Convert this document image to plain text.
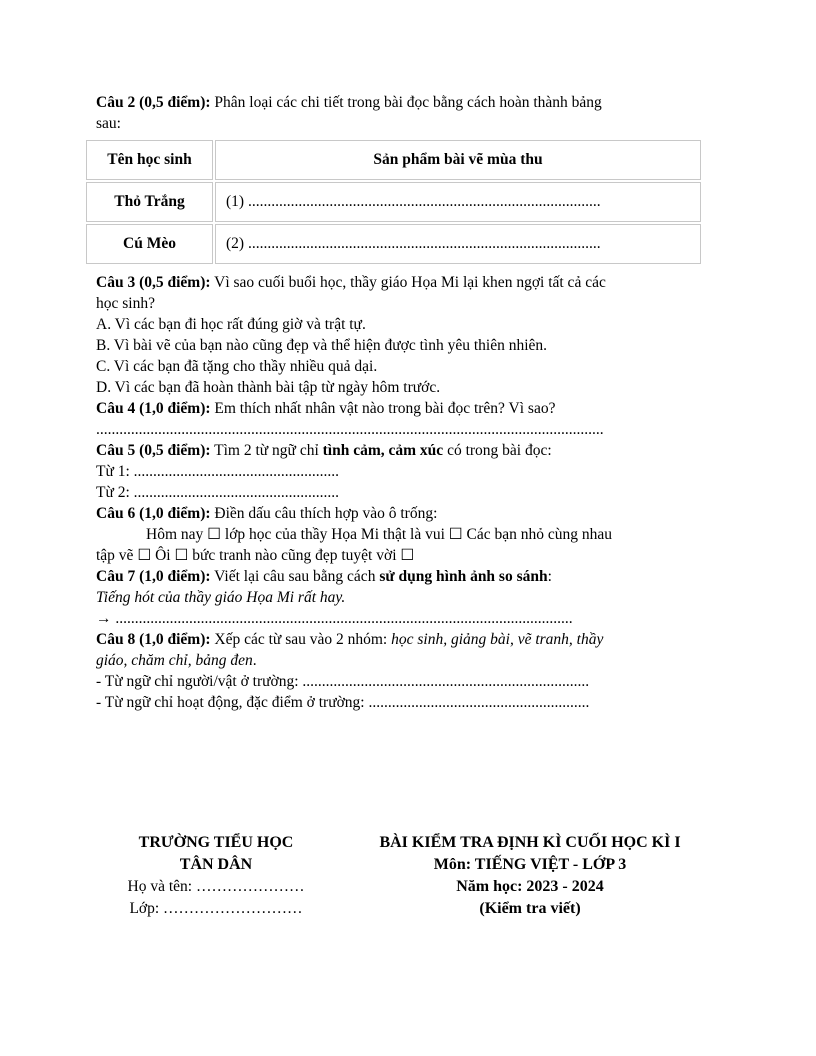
Câu 2 (0,5 điểm): Phân loại các chi tiết trong bài đọc bằng cách hoàn thành bảng
sau:
Tên học sinh	Sản phẩm bài vẽ mùa thu
Thỏ Trắng	(1) ...........................................................................................
Cú Mèo	(2) ...........................................................................................
Câu 3 (0,5 điểm): Vì sao cuối buổi học, thầy giáo Họa Mi lại khen ngợi tất cả các
học sinh?
A. Vì các bạn đi học rất đúng giờ và trật tự.
B. Vì bài vẽ của bạn nào cũng đẹp và thể hiện được tình yêu thiên nhiên.
C. Vì các bạn đã tặng cho thầy nhiều quả dại.
D. Vì các bạn đã hoàn thành bài tập từ ngày hôm trước.
Câu 4 (1,0 điểm): Em thích nhất nhân vật nào trong bài đọc trên? Vì sao?
...................................................................................................................................
Câu 5 (0,5 điểm): Tìm 2 từ ngữ chỉ tình cảm, cảm xúc có trong bài đọc:
Từ 1: .....................................................
Từ 2: .....................................................
Câu 6 (1,0 điểm): Điền dấu câu thích hợp vào ô trống:
Hôm nay ☐ lớp học của thầy Họa Mi thật là vui ☐ Các bạn nhỏ cùng nhau
tập vẽ ☐ Ôi ☐ bức tranh nào cũng đẹp tuyệt vời ☐
Câu 7 (1,0 điểm): Viết lại câu sau bằng cách sử dụng hình ảnh so sánh:
Tiếng hót của thầy giáo Họa Mi rất hay.
→ ......................................................................................................................
Câu 8 (1,0 điểm): Xếp các từ sau vào 2 nhóm: học sinh, giảng bài, vẽ tranh, thầy
giáo, chăm chỉ, bảng đen.
- Từ ngữ chỉ người/vật ở trường: ..........................................................................
- Từ ngữ chỉ hoạt động, đặc điểm ở trường: .........................................................
TRƯỜNG TIỂU HỌC
TÂN DÂN
Họ và tên: …………………
Lớp: ………………………
BÀI KIỂM TRA ĐỊNH KÌ CUỐI HỌC KÌ I
Môn: TIẾNG VIỆT - LỚP 3
Năm học: 2023 - 2024
(Kiểm tra viết)
